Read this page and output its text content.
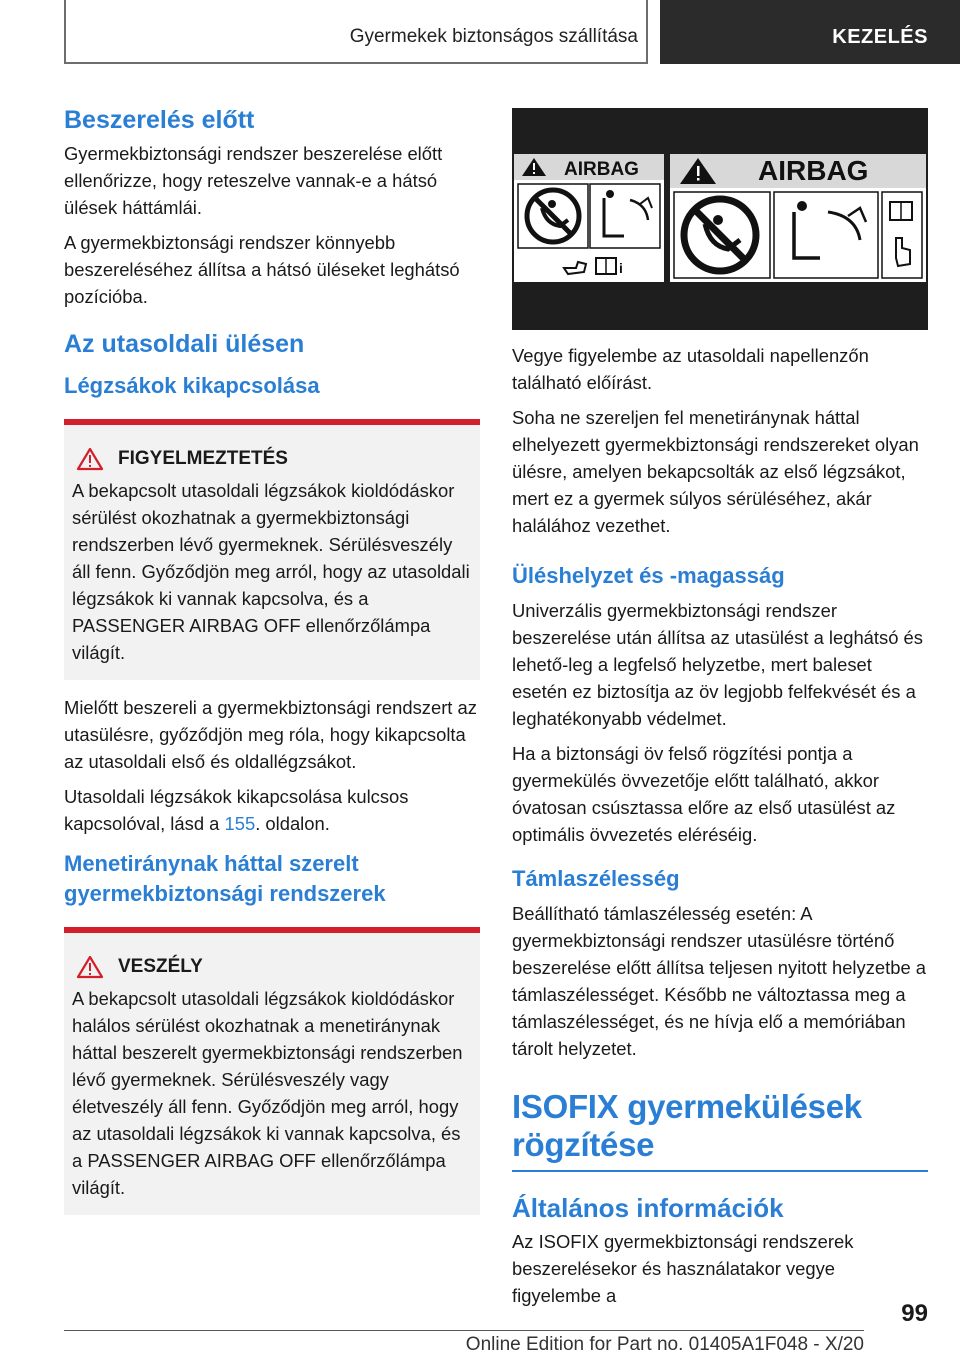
Gyermekek biztonságos szállítása	KEZELÉS
Beszerelés előtt

Gyermekbiztonsági rendszer beszerelése előtt ellenőrizze, hogy reteszelve vannak-e a hátsó ülések háttámlái.

A gyermekbiztonsági rendszer könnyebb beszereléséhez állítsa a hátsó üléseket leghátsó pozícióba.

Az utasoldali ülésen
Légzsákok kikapcsolása
FIGYELMEZTETÉS

A bekapcsolt utasoldali légzsákok kioldódáskor sérülést okozhatnak a gyermekbiztonsági rendszerben lévő gyermeknek. Sérülésveszély áll fenn. Győződjön meg arról, hogy az utasoldali légzsákok ki vannak kapcsolva, és a PASSENGER AIRBAG OFF ellenőrzőlámpa világít.

Mielőtt beszereli a gyermekbiztonsági rendszert az utasülésre, győződjön meg róla, hogy kikapcsolta az utasoldali első és oldallégzsákot.

Utasoldali légzsákok kikapcsolása kulcsos kapcsolóval, lásd a 155. oldalon.

Menetiránynak háttal szerelt gyermekbiztonsági rendszerek
VESZÉLY

A bekapcsolt utasoldali légzsákok kioldódáskor halálos sérülést okozhatnak a menetiránynak háttal beszerelt gyermekbiztonsági rendszerben lévő gyermeknek. Sérülésveszély vagy életveszély áll fenn. Győződjön meg arról, hogy az utasoldali légzsákok ki vannak kapcsolva, és a PASSENGER AIRBAG OFF ellenőrzőlámpa világít.

AIRBAG
i
AIRBAG

Vegye figyelembe az utasoldali napellenzőn található előírást.

Soha ne szereljen fel menetiránynak háttal elhelyezett gyermekbiztonsági rendszereket olyan ülésre, amelyen bekapcsolták az első légzsákot, mert ez a gyermek súlyos sérüléséhez, akár halálához vezethet.

Üléshelyzet és -magasság

Univerzális gyermekbiztonsági rendszer beszerelése után állítsa az utasülést a leghátsó és lehető-leg a legfelső helyzetbe, mert baleset esetén ez biztosítja az öv legjobb felfekvését és a leghatékonyabb védelmet.

Ha a biztonsági öv felső rögzítési pontja a gyermekülés övvezetője előtt található, akkor óvatosan csúsztassa előre az első utasülést az optimális övvezetés eléréséig.

Támlaszélesség

Beállítható támlaszélesség esetén: A gyermekbiztonsági rendszer utasülésre történő beszerelése előtt állítsa teljesen nyitott helyzetbe a támlaszélességet. Később ne változtassa meg a támlaszélességet, és ne hívja elő a memóriában tárolt helyzetet.

ISOFIX gyermekülések rögzítése
Általános információk

Az ISOFIX gyermekbiztonsági rendszerek beszerelésekor és használatakor vegye figyelembe a

99
Online Edition for Part no. 01405A1F048 - X/20
